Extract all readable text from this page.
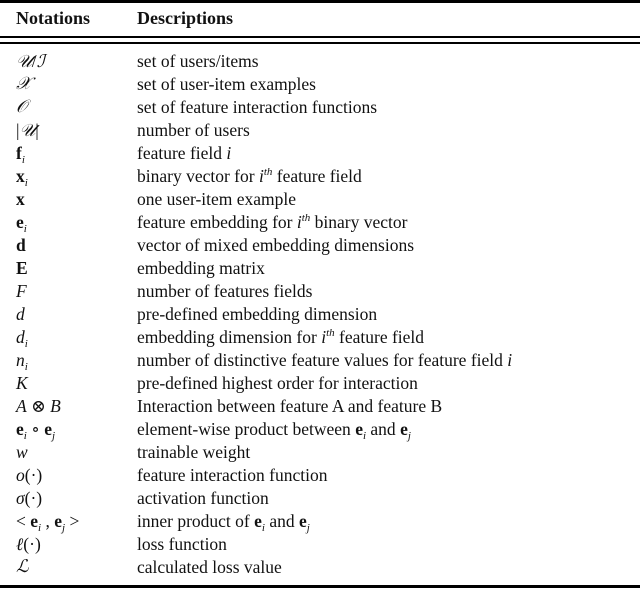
Notations	Descriptions
𝒰/ℐ	set of users/items
𝒳	set of user-item examples
𝒪	set of feature interaction functions
|𝒰|	number of users
$f_i$	feature field i
$x_i$	binary vector for $i^{th}$ feature field
x	one user-item example
$e_i$	feature embedding for $i^{th}$ binary vector
d	vector of mixed embedding dimensions
E	embedding matrix
F	number of features fields
d	pre-defined embedding dimension
$d_i$	embedding dimension for $i^{th}$ feature field
$n_i$	number of distinctive feature values for feature field i
K	pre-defined highest order for interaction
A ⊗ B	Interaction between feature A and feature B
$e_i$ ∘ $e_j$	element-wise product between $e_i$ and $e_j$
w	trainable weight
o(·)	feature interaction function
σ(·)	activation function
< $e_i$ , $e_j$ >	inner product of $e_i$ and $e_j$
ℓ(·)	loss function
ℒ	calculated loss value
